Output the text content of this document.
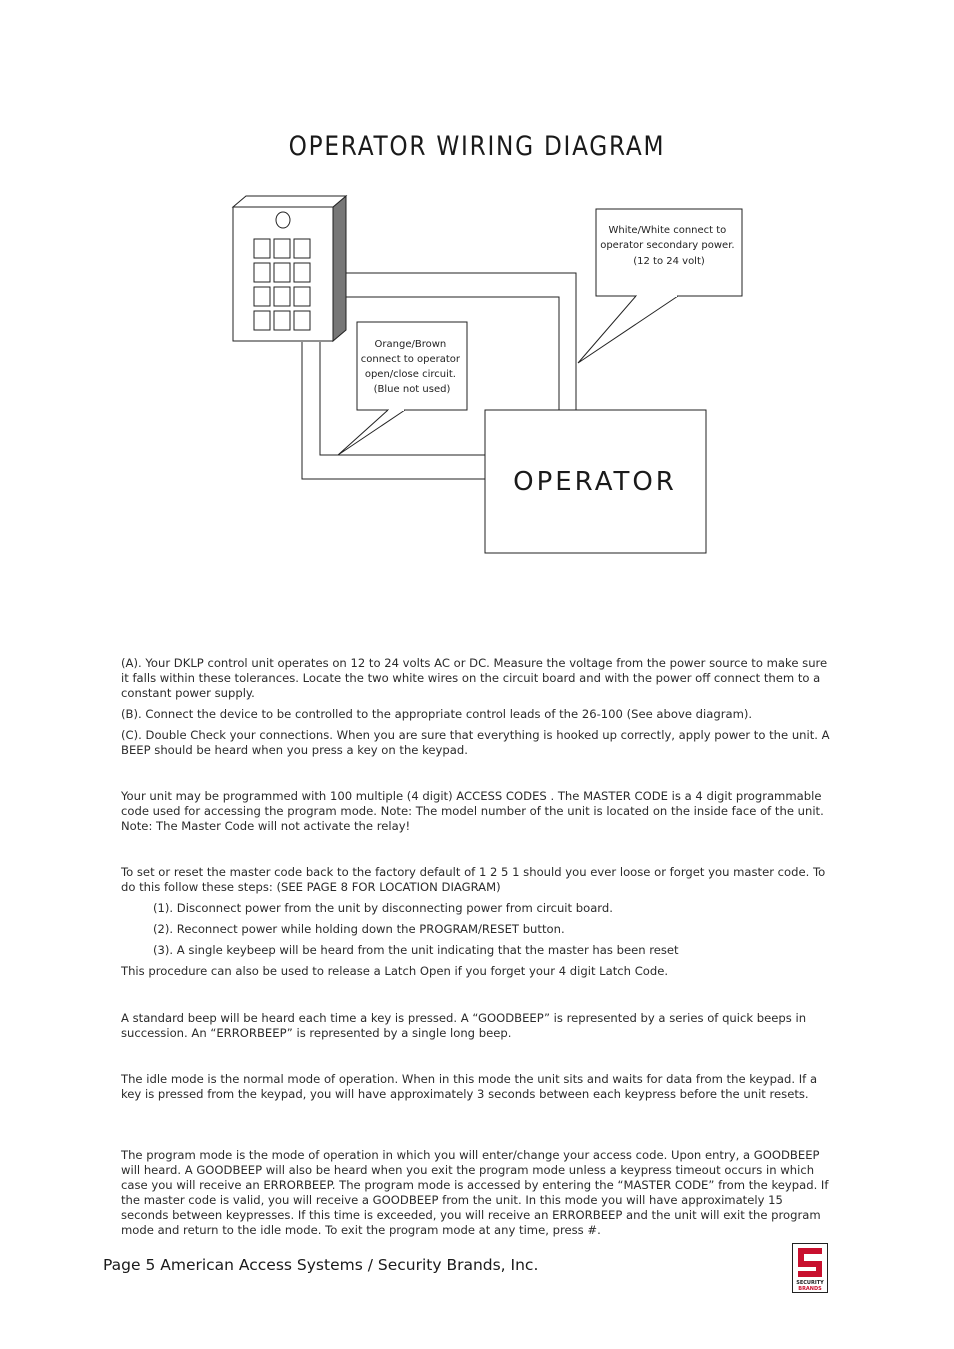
OPERATOR WIRING DIAGRAM
OPERATOR
Orange/Brown connect to operator open/close circuit. (Blue not used)
White/White connect to operator secondary power. (12 to 24 volt)

(A). Your DKLP control unit operates on 12 to 24 volts AC or DC. Measure the voltage from the power source to make sure it falls within these tolerances. Locate the two white wires on the circuit board and with the power off connect them to a constant power supply.

(B). Connect the device to be controlled to the appropriate control leads of the 26-100 (See above diagram).

(C). Double Check your connections. When you are sure that everything is hooked up correctly, apply power to the unit. A BEEP should be heard when you press a key on the keypad.

Your unit may be programmed with 100 multiple (4 digit) ACCESS CODES . The MASTER CODE is a 4 digit programmable code used for accessing the program mode. Note: The model number of the unit is located on the inside face of the unit. Note: The Master Code will not activate the relay!

To set or reset the master code back to the factory default of 1 2 5 1 should you ever loose or forget you master code. To do this follow these steps: (SEE PAGE 8 FOR LOCATION DIAGRAM)

(1). Disconnect power from the unit by disconnecting power from circuit board.

(2). Reconnect power while holding down the PROGRAM/RESET button.

(3). A single keybeep will be heard from the unit indicating that the master has been reset

This procedure can also be used to release a Latch Open if you forget your 4 digit Latch Code.

A standard beep will be heard each time a key is pressed. A “GOODBEEP” is represented by a series of quick beeps in succession. An “ERRORBEEP” is represented by a single long beep.

The idle mode is the normal mode of operation. When in this mode the unit sits and waits for data from the keypad. If a key is pressed from the keypad, you will have approximately 3 seconds between each keypress before the unit resets.

The program mode is the mode of operation in which you will enter/change your access code. Upon entry, a GOODBEEP will heard. A GOODBEEP will also be heard when you exit the program mode unless a keypress timeout occurs in which case you will receive an ERRORBEEP. The program mode is accessed by entering the “MASTER CODE” from the keypad. If the master code is valid, you will receive a GOODBEEP from the unit. In this mode you will have approximately 15 seconds between keypresses. If this time is exceeded, you will receive an ERRORBEEP and the unit will exit the program mode and return to the idle mode. To exit the program mode at any time, press #.

Page 5 American Access Systems / Security Brands, Inc.
SECURITY
BRANDS
